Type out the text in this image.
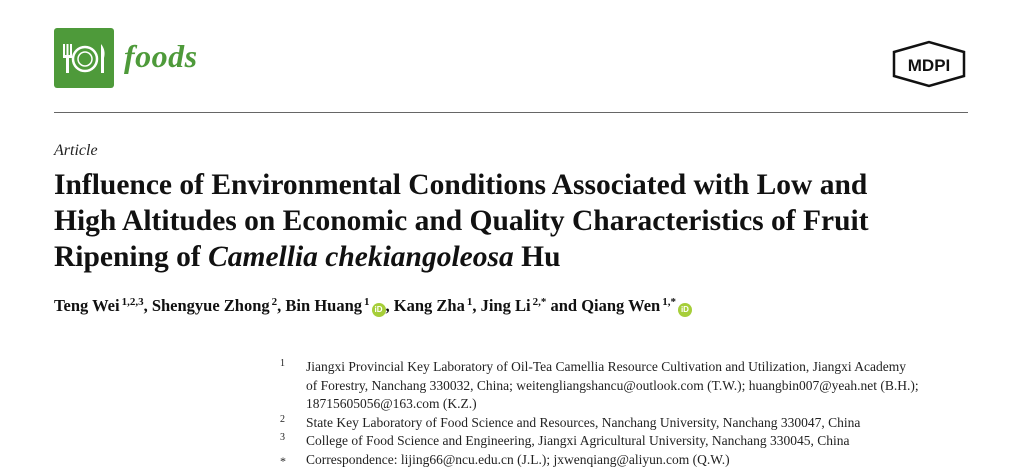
foods	MDPI
Article
Influence of Environmental Conditions Associated with Low and
High Altitudes on Economic and Quality Characteristics of Fruit
Ripening of Camellia chekiangoleosa Hu
Teng Wei $^{1,2,3}$, Shengyue Zhong $^2$, Bin Huang $^1$iD , Kang Zha $^1$, Jing Li $^{2,*}$ and Qiang Wen $^{1,*}$iD
1	Jiangxi Provincial Key Laboratory of Oil-Tea Camellia Resource Cultivation and Utilization, Jiangxi Academy
of Forestry, Nanchang 330032, China; weitengliangshancu@outlook.com (T.W.); huangbin007@yeah.net (B.H.);
18715605056@163.com (K.Z.)
2	State Key Laboratory of Food Science and Resources, Nanchang University, Nanchang 330047, China
3	College of Food Science and Engineering, Jiangxi Agricultural University, Nanchang 330045, China
*	Correspondence: lijing66@ncu.edu.cn (J.L.); jxwenqiang@aliyun.com (Q.W.)
